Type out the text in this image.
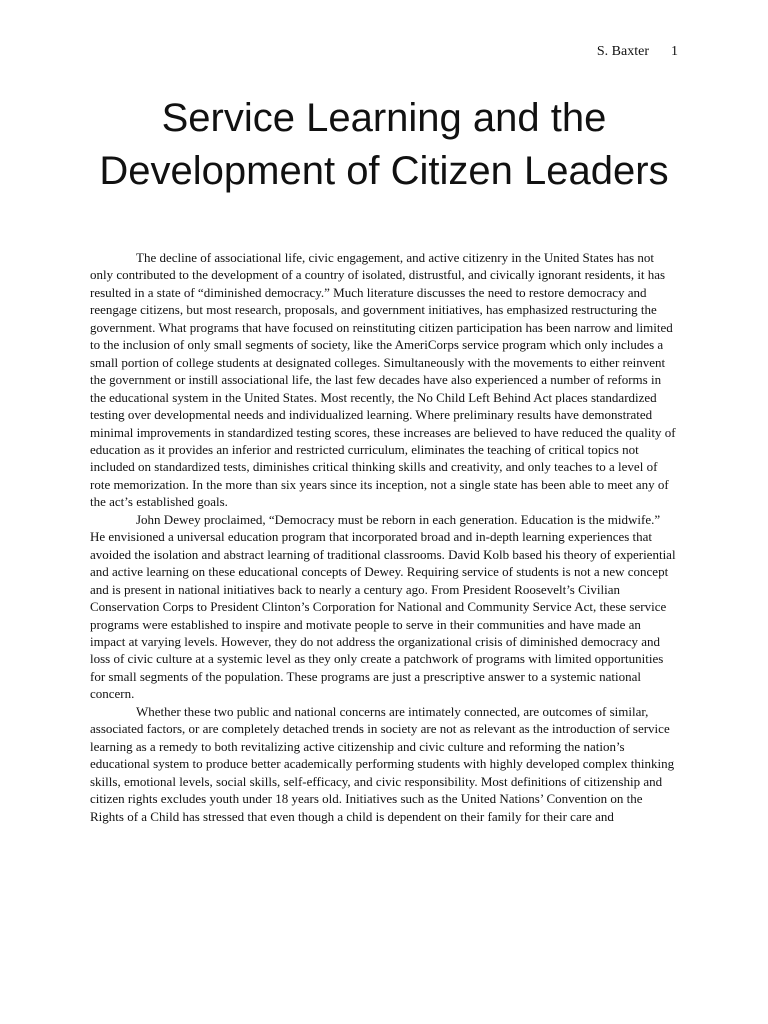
S. Baxter 1
Service Learning and the Development of Citizen Leaders

The decline of associational life, civic engagement, and active citizenry in the United States has not only contributed to the development of a country of isolated, distrustful, and civically ignorant residents, it has resulted in a state of “diminished democracy.” Much literature discusses the need to restore democracy and reengage citizens, but most research, proposals, and government initiatives, has emphasized restructuring the government. What programs that have focused on reinstituting citizen participation has been narrow and limited to the inclusion of only small segments of society, like the AmeriCorps service program which only includes a small portion of college students at designated colleges. Simultaneously with the movements to either reinvent the government or instill associational life, the last few decades have also experienced a number of reforms in the educational system in the United States. Most recently, the No Child Left Behind Act places standardized testing over developmental needs and individualized learning. Where preliminary results have demonstrated minimal improvements in standardized testing scores, these increases are believed to have reduced the quality of education as it provides an inferior and restricted curriculum, eliminates the teaching of critical topics not included on standardized tests, diminishes critical thinking skills and creativity, and only teaches to a level of rote memorization. In the more than six years since its inception, not a single state has been able to meet any of the act’s established goals.

John Dewey proclaimed, “Democracy must be reborn in each generation. Education is the midwife.” He envisioned a universal education program that incorporated broad and in-depth learning experiences that avoided the isolation and abstract learning of traditional classrooms. David Kolb based his theory of experiential and active learning on these educational concepts of Dewey. Requiring service of students is not a new concept and is present in national initiatives back to nearly a century ago. From President Roosevelt’s Civilian Conservation Corps to President Clinton’s Corporation for National and Community Service Act, these service programs were established to inspire and motivate people to serve in their communities and have made an impact at varying levels. However, they do not address the organizational crisis of diminished democracy and loss of civic culture at a systemic level as they only create a patchwork of programs with limited opportunities for small segments of the population. These programs are just a prescriptive answer to a systemic national concern.

Whether these two public and national concerns are intimately connected, are outcomes of similar, associated factors, or are completely detached trends in society are not as relevant as the introduction of service learning as a remedy to both revitalizing active citizenship and civic culture and reforming the nation’s educational system to produce better academically performing students with highly developed complex thinking skills, emotional levels, social skills, self-efficacy, and civic responsibility. Most definitions of citizenship and citizen rights excludes youth under 18 years old. Initiatives such as the United Nations’ Convention on the Rights of a Child has stressed that even though a child is dependent on their family for their care and
